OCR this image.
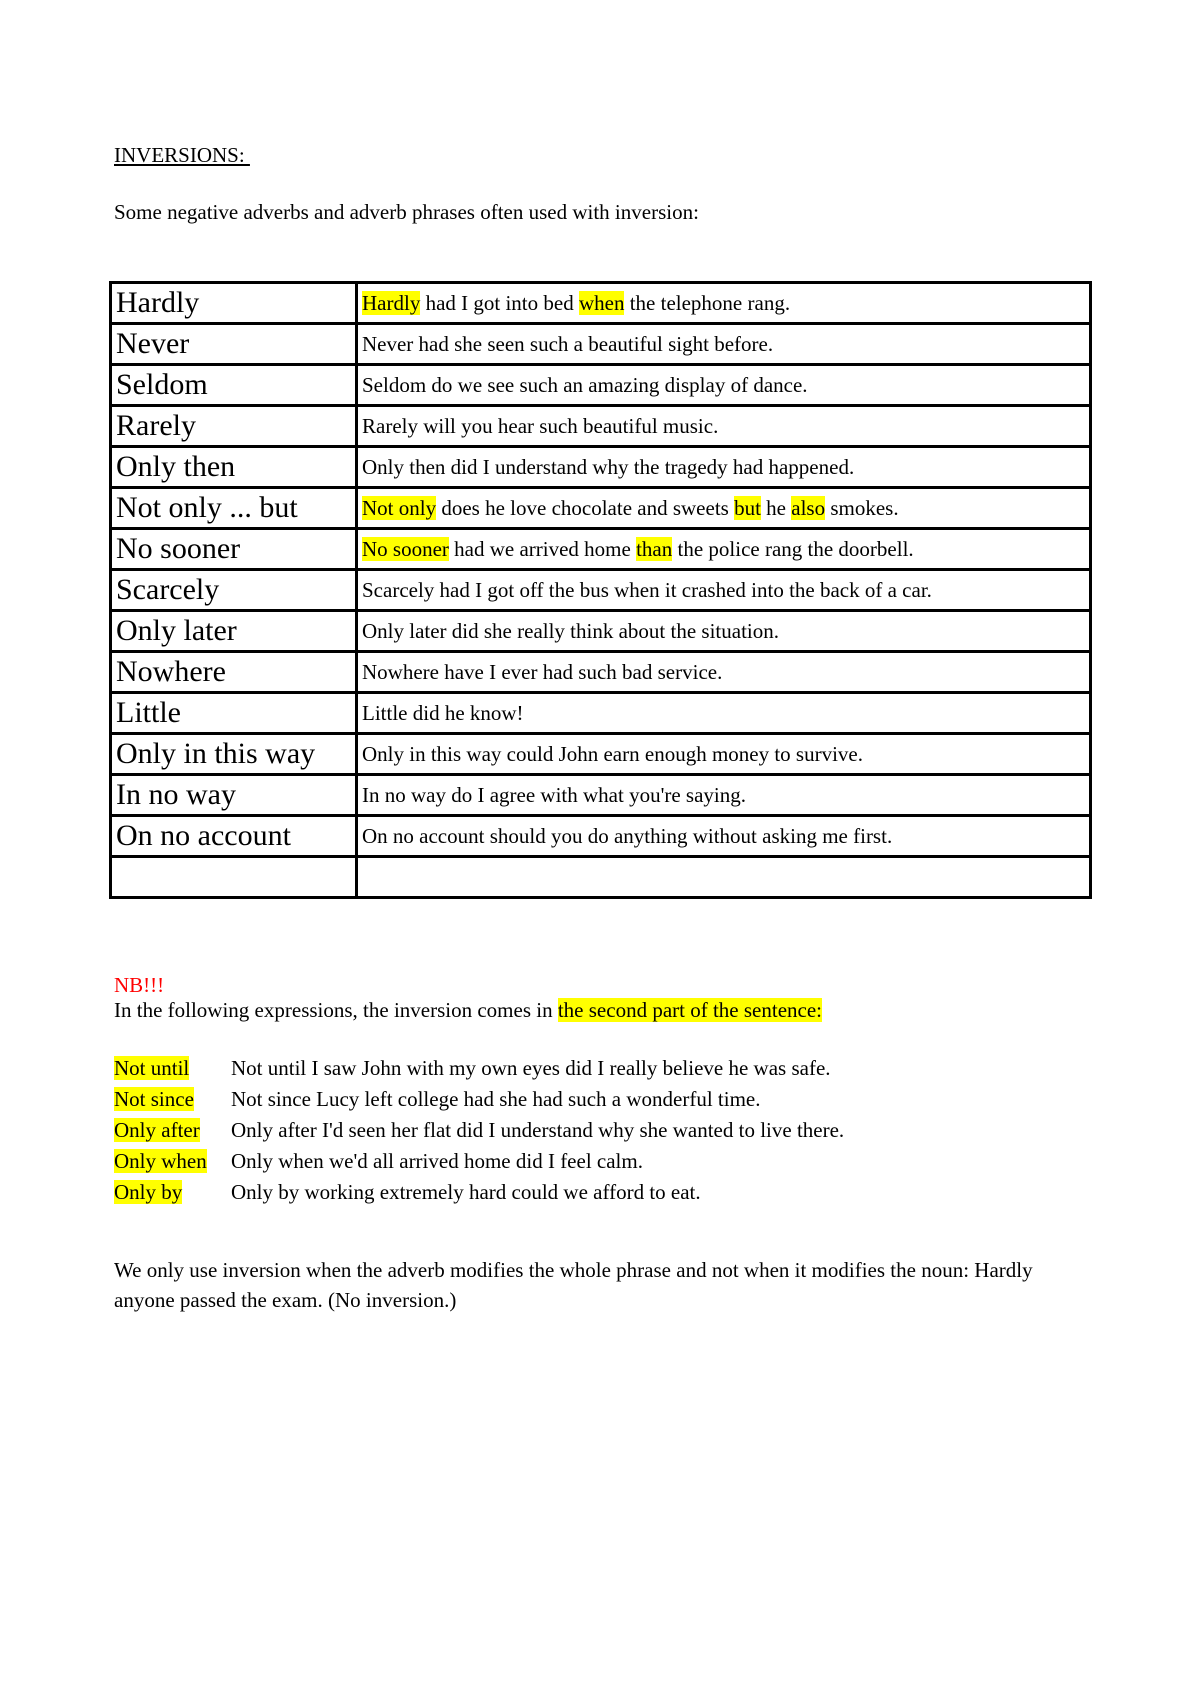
INVERSIONS:
Some negative adverbs and adverb phrases often used with inversion:
Hardly	Hardly had I got into bed when the telephone rang.
Never	Never had she seen such a beautiful sight before.
Seldom	Seldom do we see such an amazing display of dance.
Rarely	Rarely will you hear such beautiful music.
Only then	Only then did I understand why the tragedy had happened.
Not only ... but	Not only does he love chocolate and sweets but he also smokes.
No sooner	No sooner had we arrived home than the police rang the doorbell.
Scarcely	Scarcely had I got off the bus when it crashed into the back of a car.
Only later	Only later did she really think about the situation.
Nowhere	Nowhere have I ever had such bad service.
Little	Little did he know!
Only in this way	Only in this way could John earn enough money to survive.
In no way	In no way do I agree with what you're saying.
On no account	On no account should you do anything without asking me first.

NB!!!
In the following expressions, the inversion comes in the second part of the sentence:
Not until	Not until I saw John with my own eyes did I really believe he was safe.
Not since	Not since Lucy left college had she had such a wonderful time.
Only after	Only after I'd seen her flat did I understand why she wanted to live there.
Only when	Only when we'd all arrived home did I feel calm.
Only by	Only by working extremely hard could we afford to eat.
We only use inversion when the adverb modifies the whole phrase and not when it modifies the noun: Hardly anyone passed the exam. (No inversion.)
